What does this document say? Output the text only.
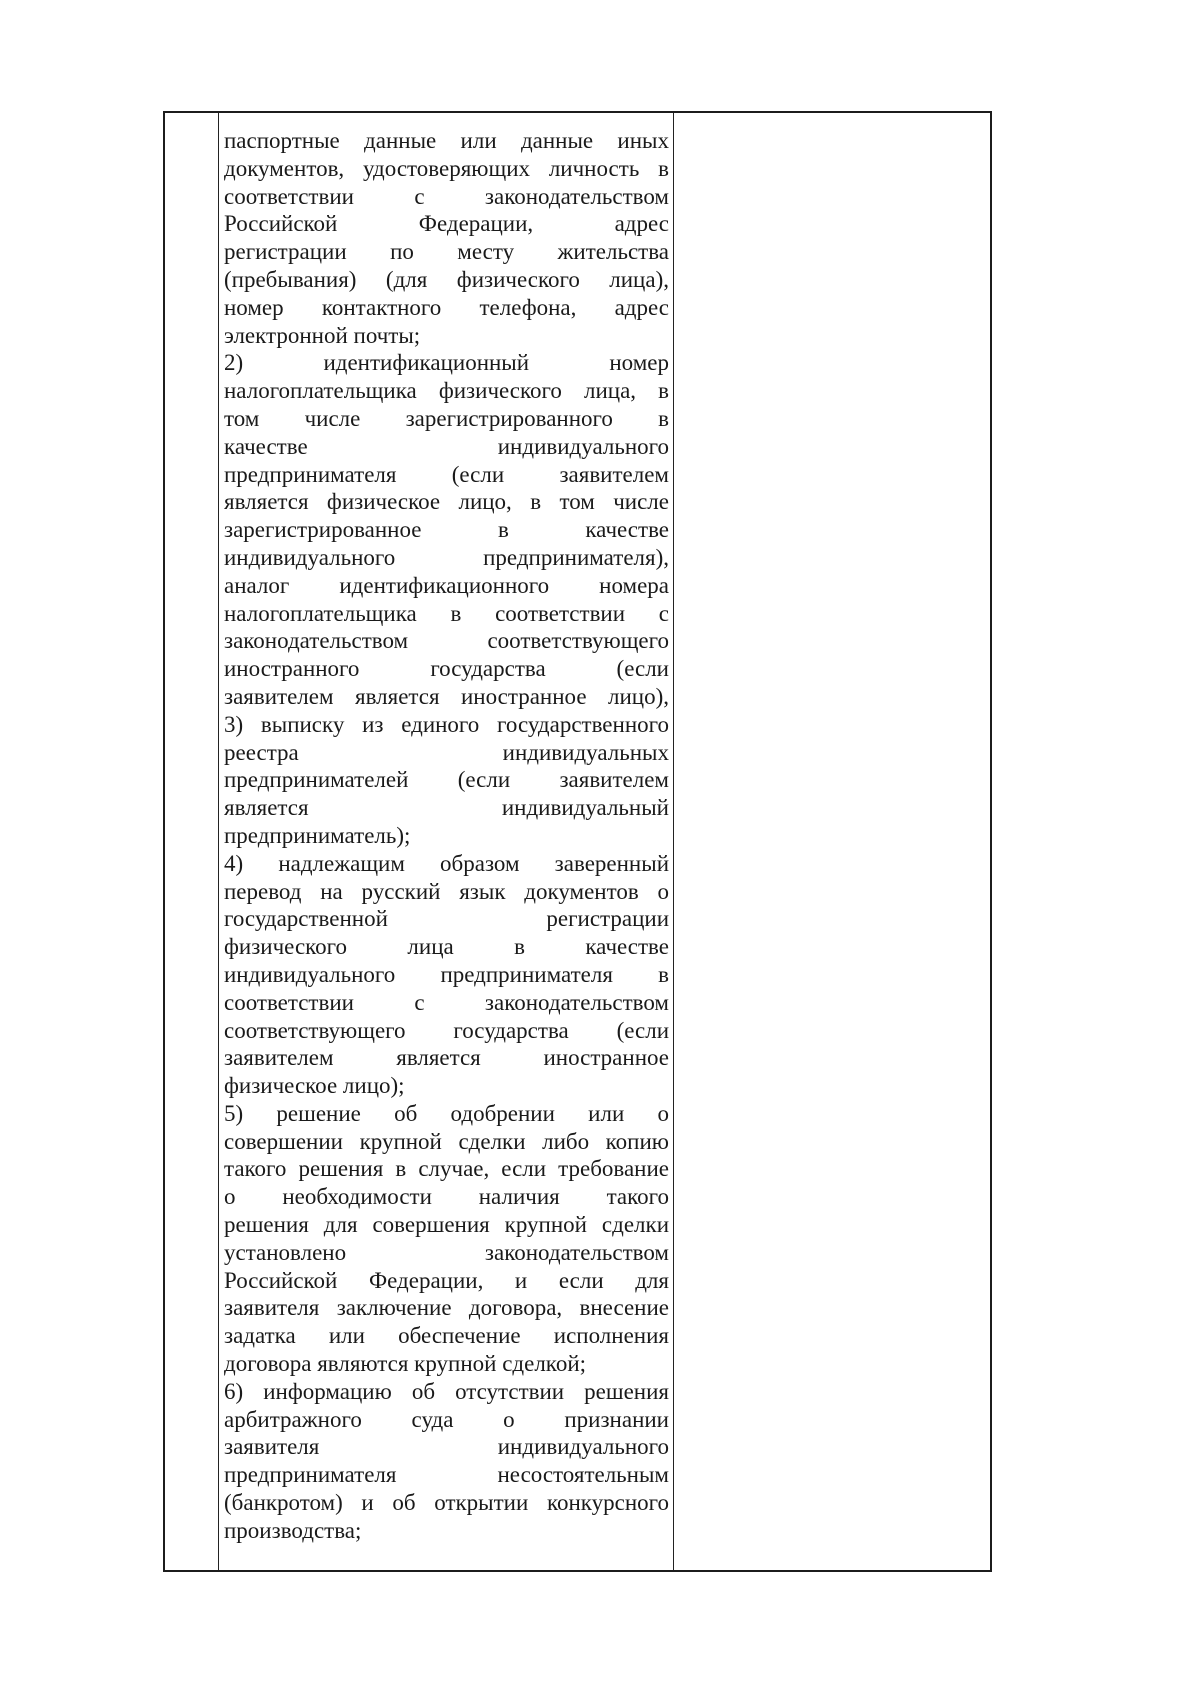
паспортные данные или данные иных
документов, удостоверяющих личность в
соответствии с законодательством
Российской Федерации, адрес
регистрации по месту жительства
(пребывания) (для физического лица),
номер контактного телефона, адрес
электронной почты;
2) идентификационный номер
налогоплательщика физического лица, в
том числе зарегистрированного в
качестве индивидуального
предпринимателя (если заявителем
является физическое лицо, в том числе
зарегистрированное в качестве
индивидуального предпринимателя),
аналог идентификационного номера
налогоплательщика в соответствии с
законодательством соответствующего
иностранного государства (если
заявителем является иностранное лицо),
3) выписку из единого государственного
реестра индивидуальных
предпринимателей (если заявителем
является индивидуальный
предприниматель);
4) надлежащим образом заверенный
перевод на русский язык документов о
государственной регистрации
физического лица в качестве
индивидуального предпринимателя в
соответствии с законодательством
соответствующего государства (если
заявителем является иностранное
физическое лицо);
5) решение об одобрении или о
совершении крупной сделки либо копию
такого решения в случае, если требование
о необходимости наличия такого
решения для совершения крупной сделки
установлено законодательством
Российской Федерации, и если для
заявителя заключение договора, внесение
задатка или обеспечение исполнения
договора являются крупной сделкой;
6) информацию об отсутствии решения
арбитражного суда о признании
заявителя индивидуального
предпринимателя несостоятельным
(банкротом) и об открытии конкурсного
производства;
